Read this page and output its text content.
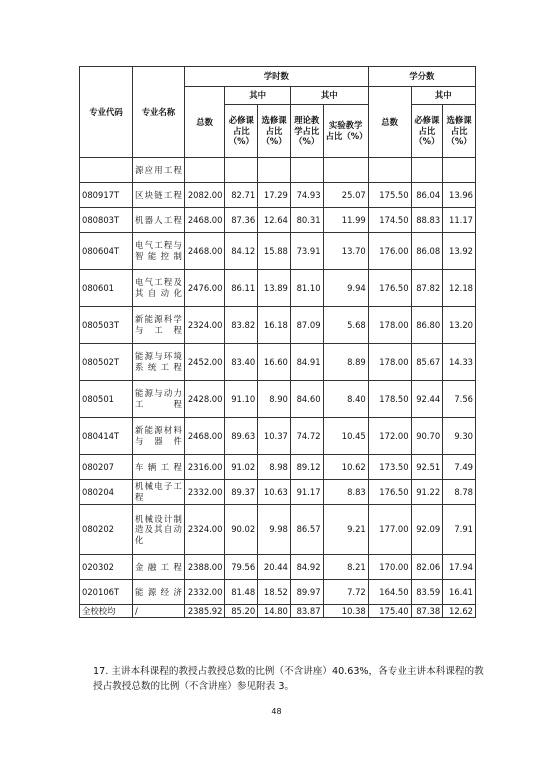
专业代码	专业名称	学时数					学分数		
		总数	其中		其中		总数	其中	
			必修课占比（%）	选修课占比（%）	理论教学占比（%）	实验教学占比（%）		必修课占比（%）	选修课占比（%）
	源应用工程								
080917T	区块链工程	2082.00	82.71	17.29	74.93	25.07	175.50	86.04	13.96
080803T	机器人工程	2468.00	87.36	12.64	80.31	11.99	174.50	88.83	11.17
080604T	电气工程与智能控制	2468.00	84.12	15.88	73.91	13.70	176.00	86.08	13.92
080601	电气工程及其自动化	2476.00	86.11	13.89	81.10	9.94	176.50	87.82	12.18
080503T	新能源科学与工程	2324.00	83.82	16.18	87.09	5.68	178.00	86.80	13.20
080502T	能源与环境系统工程	2452.00	83.40	16.60	84.91	8.89	178.00	85.67	14.33
080501	能源与动力工程	2428.00	91.10	8.90	84.60	8.40	178.50	92.44	7.56
080414T	新能源材料与器件	2468.00	89.63	10.37	74.72	10.45	172.00	90.70	9.30
080207	车辆工程	2316.00	91.02	8.98	89.12	10.62	173.50	92.51	7.49
080204	机械电子工程	2332.00	89.37	10.63	91.17	8.83	176.50	91.22	8.78
080202	机械设计制造及其自动化	2324.00	90.02	9.98	86.57	9.21	177.00	92.09	7.91
020302	金融工程	2388.00	79.56	20.44	84.92	8.21	170.00	82.06	17.94
020106T	能源经济	2332.00	81.48	18.52	89.97	7.72	164.50	83.59	16.41
全校校均	/	2385.92	85.20	14.80	83.87	10.38	175.40	87.38	12.62

17. 主讲本科课程的教授占教授总数的比例（不含讲座）40.63%，各专业主讲本科课程的教授占教授总数的比例（不含讲座）参见附表 3。

48
